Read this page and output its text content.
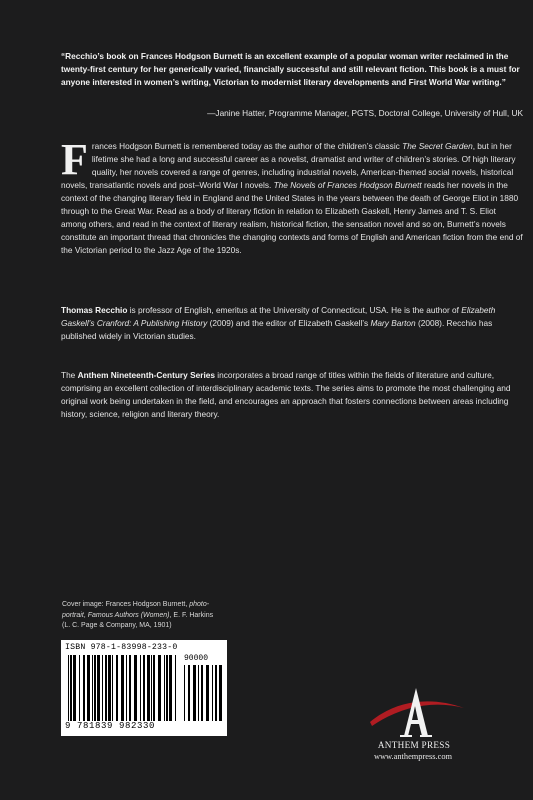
“Recchio’s book on Frances Hodgson Burnett is an excellent example of a popular woman writer reclaimed in the twenty-first century for her generically varied, financially successful and still relevant fiction. This book is a must for anyone interested in women’s writing, Victorian to modernist literary developments and First World War writing.”
—Janine Hatter, Programme Manager, PGTS, Doctoral College, University of Hull, UK
Frances Hodgson Burnett is remembered today as the author of the children’s classic The Secret Garden, but in her lifetime she had a long and successful career as a novelist, dramatist and writer of children’s stories. Of high literary quality, her novels covered a range of genres, including industrial novels, American-themed social novels, historical novels, transatlantic novels and post–World War I novels. The Novels of Frances Hodgson Burnett reads her novels in the context of the changing literary field in England and the United States in the years between the death of George Eliot in 1880 through to the Great War. Read as a body of literary fiction in relation to Elizabeth Gaskell, Henry James and T. S. Eliot among others, and read in the context of literary realism, historical fiction, the sensation novel and so on, Burnett’s novels constitute an important thread that chronicles the changing contexts and forms of English and American fiction from the end of the Victorian period to the Jazz Age of the 1920s.
Thomas Recchio is professor of English, emeritus at the University of Connecticut, USA. He is the author of Elizabeth Gaskell’s Cranford: A Publishing History (2009) and the editor of Elizabeth Gaskell’s Mary Barton (2008). Recchio has published widely in Victorian studies.
The Anthem Nineteenth-Century Series incorporates a broad range of titles within the fields of literature and culture, comprising an excellent collection of interdisciplinary academic texts. The series aims to promote the most challenging and original work being undertaken in the field, and encourages an approach that fosters connections between areas including history, science, religion and literary theory.
Cover image: Frances Hodgson Burnett, photo-portrait, Famous Authors (Women), E. F. Harkins (L. C. Page & Company, MA, 1901)
ISBN 978-1-83998-233-0
90000
9 781839 982330
ANTHEM PRESS
www.anthempress.com
